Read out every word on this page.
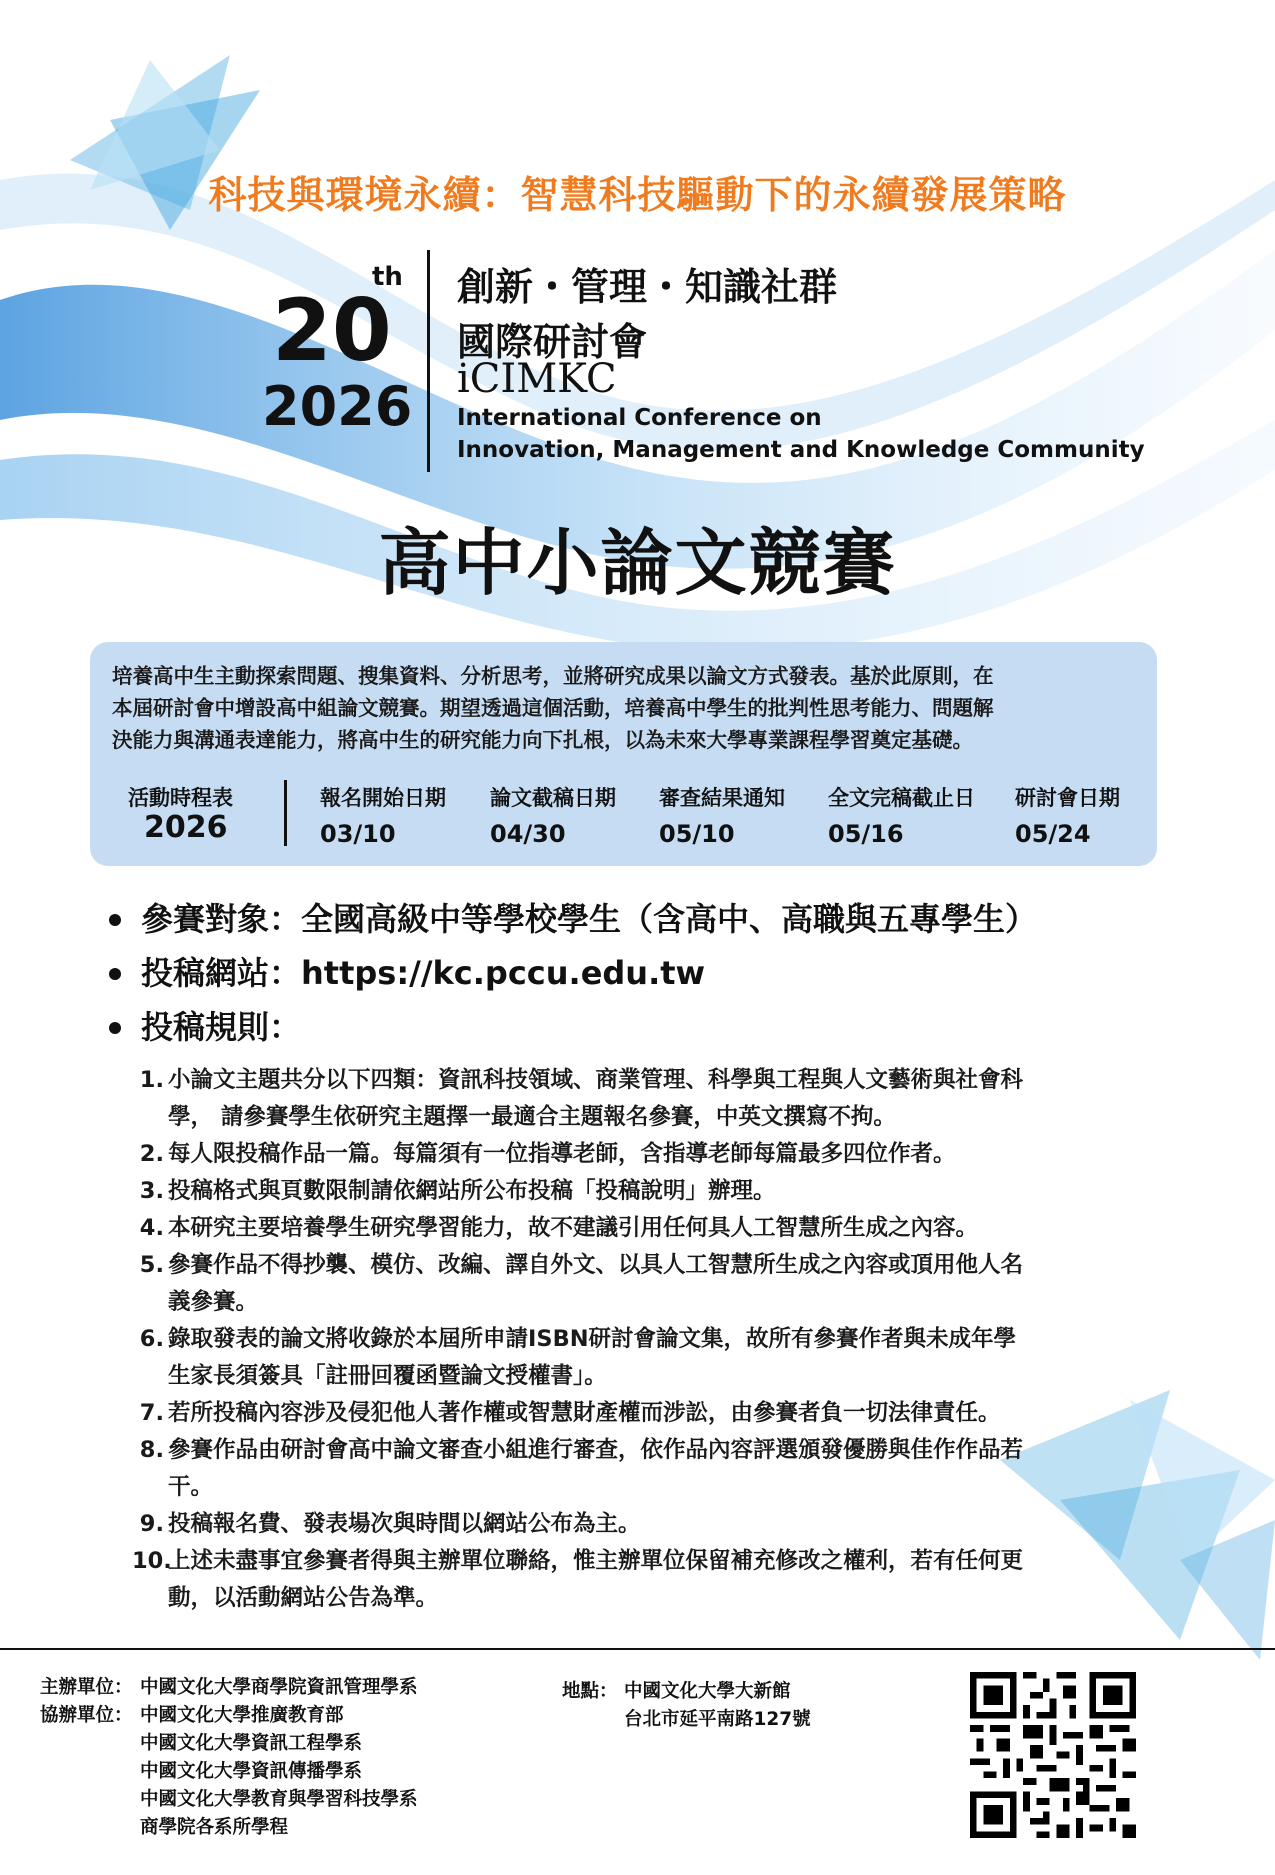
科技與環境永續：智慧科技驅動下的永續發展策略
th
20
2026
創新・管理・知識社群
國際研討會
iCIMKC
International Conference on
Innovation, Management and Knowledge Community
高中小論文競賽
培養高中生主動探索問題、搜集資料、分析思考，並將研究成果以論文方式發表。基於此原則，在
本屆研討會中增設高中組論文競賽。期望透過這個活動，培養高中學生的批判性思考能力、問題解
決能力與溝通表達能力，將高中生的研究能力向下扎根，以為未來大學專業課程學習奠定基礎。
活動時程表
2026
報名開始日期
03/10
論文截稿日期
04/30
審查結果通知
05/10
全文完稿截止日
05/16
研討會日期
05/24
參賽對象：全國高級中等學校學生（含高中、高職與五專學生）
投稿網站：https://kc.pccu.edu.tw
投稿規則：
1. 小論文主題共分以下四類：資訊科技領域、商業管理、科學與工程與人文藝術與社會科
學， 請參賽學生依研究主題擇一最適合主題報名參賽，中英文撰寫不拘。
2. 每人限投稿作品一篇。每篇須有一位指導老師，含指導老師每篇最多四位作者。
3. 投稿格式與頁數限制請依網站所公布投稿「投稿說明」辦理。
4. 本研究主要培養學生研究學習能力，故不建議引用任何具人工智慧所生成之內容。
5. 參賽作品不得抄襲、模仿、改編、譯自外文、以具人工智慧所生成之內容或頂用他人名
義參賽。
6. 錄取發表的論文將收錄於本屆所申請ISBN研討會論文集，故所有參賽作者與未成年學
生家長須簽具「註冊回覆函暨論文授權書」。
7. 若所投稿內容涉及侵犯他人著作權或智慧財產權而涉訟，由參賽者負一切法律責任。
8. 參賽作品由研討會高中論文審查小組進行審查，依作品內容評選頒發優勝與佳作作品若
干。
9. 投稿報名費、發表場次與時間以網站公布為主。
10.
上述未盡事宜參賽者得與主辦單位聯絡，惟主辦單位保留補充修改之權利，若有任何更
動，以活動網站公告為準。
主辦單位： 中國文化大學商學院資訊管理學系
協辦單位： 中國文化大學推廣教育部
中國文化大學資訊工程學系
中國文化大學資訊傳播學系
中國文化大學教育與學習科技學系
商學院各系所學程
地點： 中國文化大學大新館
台北市延平南路127號
